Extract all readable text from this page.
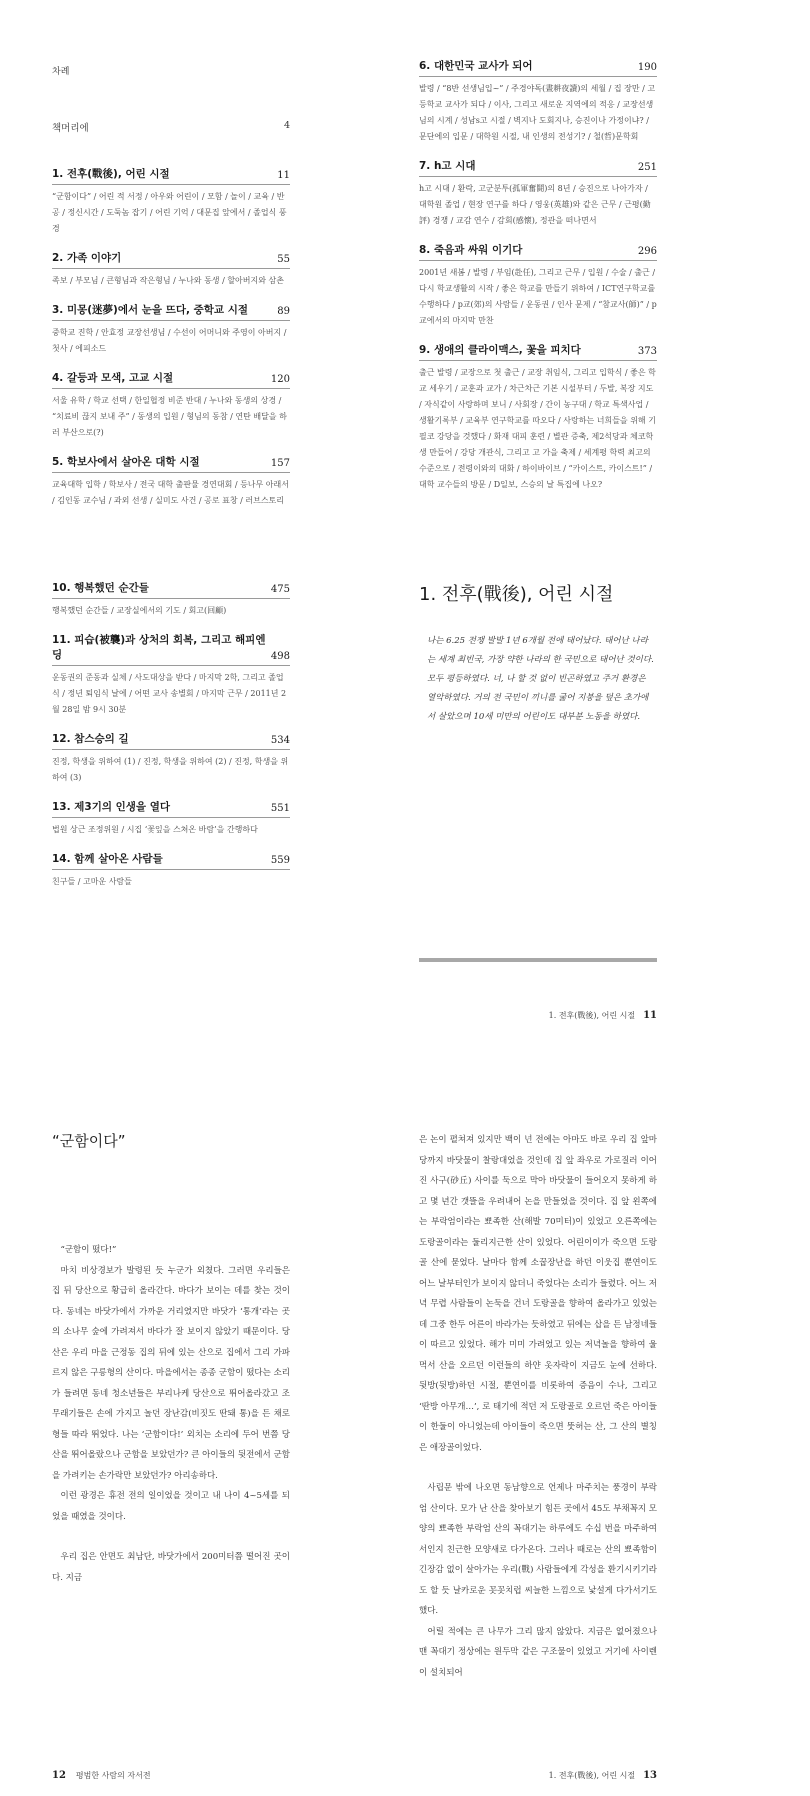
차례
책머리에	4
1. 전후(戰後), 어린 시절	11
“군함이다” / 어린 적 서정 / 아우와 어린이 / 모함 / 놀이 / 교육 / 반공 / 정신시간 / 도둑놈 잡기 / 어린 기억 / 대문집 앞에서 / 졸업식 풍경
2. 가족 이야기	55
족보 / 부모님 / 큰형님과 작은형님 / 누나와 동생 / 할아버지와 삼촌
3. 미몽(迷夢)에서 눈을 뜨다, 중학교 시절	89
중학교 진학 / 안효정 교장선생님 / 수선이 어머니와 주영이 아버지 / 첫사 / 에피소드
4. 갈등과 모색, 고교 시절	120
서울 유학 / 학교 선택 / 한일협정 비준 반대 / 누나와 동생의 상경 / “치료비 끊지 보내 주” / 동생의 입원 / 형님의 동참 / 연탄 배달을 하러 부산으로(?)
5. 학보사에서 살아온 대학 시절	157
교육대학 입학 / 학보사 / 전국 대학 출판물 경연대회 / 등나무 아래서 / 김인동 교수님 / 과외 선생 / 실미도 사건 / 공로 표창 / 러브스토리
6. 대한민국 교사가 되어	190
발령 / “8반 선생님입~” / 주경야독(晝耕夜讀)의 세월 / 집 장만 / 고등학교 교사가 되다 / 이사, 그리고 새로운 지역에의 적응 / 교장선생님의 시계 / 성남s고 시절 / 벽지나 도회지나, 승진이나 가정이냐? / 문단에의 입문 / 대학원 시절, 내 인생의 전성기? / 철(哲)문학회
7. h고 시대	251
h고 시대 / 환락, 고군분투(孤軍奮鬪)의 8년 / 승진으로 나아가자 / 대학원 졸업 / 현장 연구를 하다 / 영웅(英雄)와 같은 근무 / 근평(勤評) 경쟁 / 교감 연수 / 감회(感懷), 정관을 떠나면서
8. 죽음과 싸워 이기다	296
2001년 새봄 / 발령 / 부임(赴任), 그리고 근무 / 입원 / 수술 / 출근 / 다시 학교생활의 시작 / 좋은 학교를 만들기 위하여 / ICT연구학교를 수행하다 / p교(郊)의 사람들 / 운동권 / 인사 문제 / “참교사(師)” / p교에서의 마지막 만찬
9. 생애의 클라이맥스, 꽃을 피치다	373
출근 발령 / 교장으로 첫 출근 / 교장 취임식, 그리고 입학식 / 좋은 학교 세우기 / 교훈과 교가 / 차근차근 기본 시설부터 / 두발, 복장 지도 / 자식같이 사랑하며 보니 / 사회장 / 간이 농구대 / 학교 특색사업 / 생활기록부 / 교육부 연구학교를 따오다 / 사랑하는 너희들을 위해 기필코 강당을 것했다 / 화재 대피 훈련 / 별관 증축, 제2석당과 체코학생 만들어 / 강당 개관식, 그리고 고 가을 축제 / 세계평 학력 최고의 수준으로 / 전령이와의 대화 / 하이바이브 / “카이스트, 카이스트!” / 대학 교수들의 방문 / D일보, 스승의 날 특집에 나오?
10. 행복했던 순간들	475
행복했던 순간들 / 교장실에서의 기도 / 회고(回顧)
11. 피습(被襲)과 상처의 회복, 그리고 해피엔딩	498
운동권의 준동과 실체 / 사도대상을 받다 / 마지막 2학, 그리고 졸업식 / 정년 퇴임식 날에 / 어떤 교사 송별회 / 마지막 근무 / 2011년 2월 28일 밤 9시 30분
12. 참스승의 길	534
진정, 학생을 위하여 (1) / 진정, 학생을 위하여 (2) / 진정, 학생을 위하여 (3)
13. 제3기의 인생을 열다	551
법원 상근 조정위원 / 시집 ‘꽃잎을 스쳐온 바람’을 간행하다
14. 함께 살아온 사람들	559
친구들 / 고마운 사람들
1. 전후(戰後), 어린 시절
나는 6.25 전쟁 발발 1년 6개월 전에 태어났다. 태어난 나라는 세계 최빈국, 가장 약한 나라의 한 국민으로 태어난 것이다. 모두 평등하였다. 너, 나 할 것 없이 빈곤하였고 주거 환경은 열악하였다. 거의 전 국민이 끼니를 굶어 지붕을 덮은 초가에서 살았으며 10세 미만의 어린이도 대부분 노동을 하였다.
1. 전후(戰後), 어린 시절 11
“군함이다”

“군함이 떴다!”

마치 비상경보가 발령된 듯 누군가 외쳤다. 그러면 우리들은 집 뒤 당산으로 황급히 올라간다. 바다가 보이는 데를 찾는 것이다. 동네는 바닷가에서 가까운 거리였지만 바닷가 ‘통개’라는 곳의 소나무 숲에 가려져서 바다가 잘 보이지 않았기 때문이다. 당산은 우리 마을 근정동 집의 뒤에 있는 산으로 집에서 그리 가파르지 않은 구릉형의 산이다. 마을에서는 종종 군함이 떴다는 소리가 들려면 동네 청소년들은 부리나케 당산으로 뛰어올라갔고 조무래기들은 손에 가지고 놀던 장난감(비짓도 딴돼 통)을 든 채로 형들 따라 뛰었다. 나는 ‘군함이다!’ 외치는 소리에 두어 번쯤 당산을 뛰어올랐으나 군함을 보았던가? 큰 아이들의 뒷전에서 군함을 가려키는 손가락만 보았던가? 아리송하다.

이런 광경은 휴전 전의 일이었을 것이고 내 나이 4~5세를 되었을 때였을 것이다.

우리 집은 안면도 최남단, 바닷가에서 200미터쯤 떨어진 곳이다. 지금

12 평범한 사람의 자서전

은 논이 펼쳐져 있지만 백이 넌 전에는 아마도 바로 우리 집 앞마당까지 바닷물이 찰랑대었을 것인데 집 앞 좌우로 가로질러 이어진 사구(砂丘) 사이를 둑으로 막아 바닷물이 들어오지 못하게 하고 몇 년간 갯뜰을 우려내어 논을 만들었을 것이다. 집 앞 왼쪽에는 부락엄이라는 뾰족한 산(해발 70미터)이 있었고 오른쪽에는 도랑골이라는 둘리지근한 산이 있었다. 어린이이가 죽으면 도랑골 산에 묻었다. 날마다 함께 소꿉장난을 하던 이웃집 뿐연이도 어느 날부터인가 보이지 않더니 죽었다는 소리가 들렸다. 어느 저녁 무렵 사람들이 논둑을 건너 도랑골을 향하여 올라가고 있었는데 그중 한두 어른이 바라가는 듯하였고 뒤에는 삽을 든 남정네들이 따르고 있었다. 해가 미미 가려었고 있는 저녁놀을 향하여 울먹서 산을 오르던 이런들의 하얀 옷자락이 지금도 눈에 선하다. 뒷방(뒷방)하던 시절, 뿐연이를 비롯하여 증음이 수나, 그리고 ‘딴방 아무개…’, 로 태기에 적던 저 도랑골로 오르던 죽은 아이들이 한둘이 아니었는데 아이들이 죽으면 뚯허는 산, 그 산의 별칭은 애장골이었다.

사립문 밖에 나오면 동남향으로 언제나 마주치는 풍경이 부락엄 산이다. 모가 난 산을 찾아보기 힘든 곳에서 45도 부채꼭지 모양의 뾰족한 부락엄 산의 꼭대기는 하루에도 수십 번을 마주하여서인지 친근한 모양새로 다가온다. 그러나 때로는 산의 뾰족함이 긴장감 없이 살아가는 우리(戰) 사람들에게 각성을 환기시키기라도 할 듯 날카로운 꼿꼿치럽 씨늘한 느낌으로 낯설게 다가서기도 했다.

어릴 적에는 큰 나무가 그리 많지 않았다. 지금은 없어졌으나 맨 꼭대기 정상에는 원두막 같은 구조물이 있었고 거기에 사이렌이 설치되어

1. 전후(戰後), 어린 시절 13
